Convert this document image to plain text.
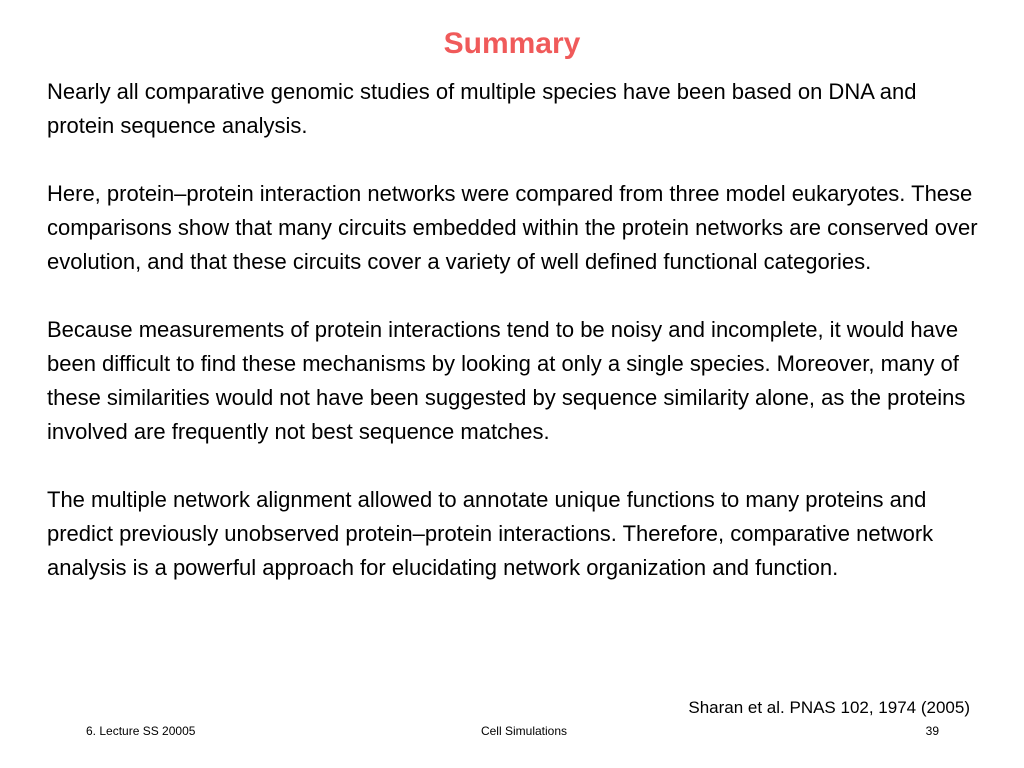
Summary

Nearly all comparative genomic studies of multiple species have been based on DNA and protein sequence analysis.

Here, protein–protein interaction networks were compared from three model eukaryotes. These comparisons show that many circuits embedded within the protein networks are conserved over evolution, and that these circuits cover a variety of well defined functional categories.

Because measurements of protein interactions tend to be noisy and incomplete, it would have been difficult to find these mechanisms by looking at only a single species. Moreover, many of these similarities would not have been suggested by sequence similarity alone, as the proteins involved are frequently not best sequence matches.

The multiple network alignment allowed to annotate unique functions to many proteins and predict previously unobserved protein–protein interactions. Therefore, comparative network analysis is a powerful approach for elucidating network organization and function.

Sharan et al. PNAS 102, 1974 (2005)
6. Lecture SS 20005	Cell Simulations	39
